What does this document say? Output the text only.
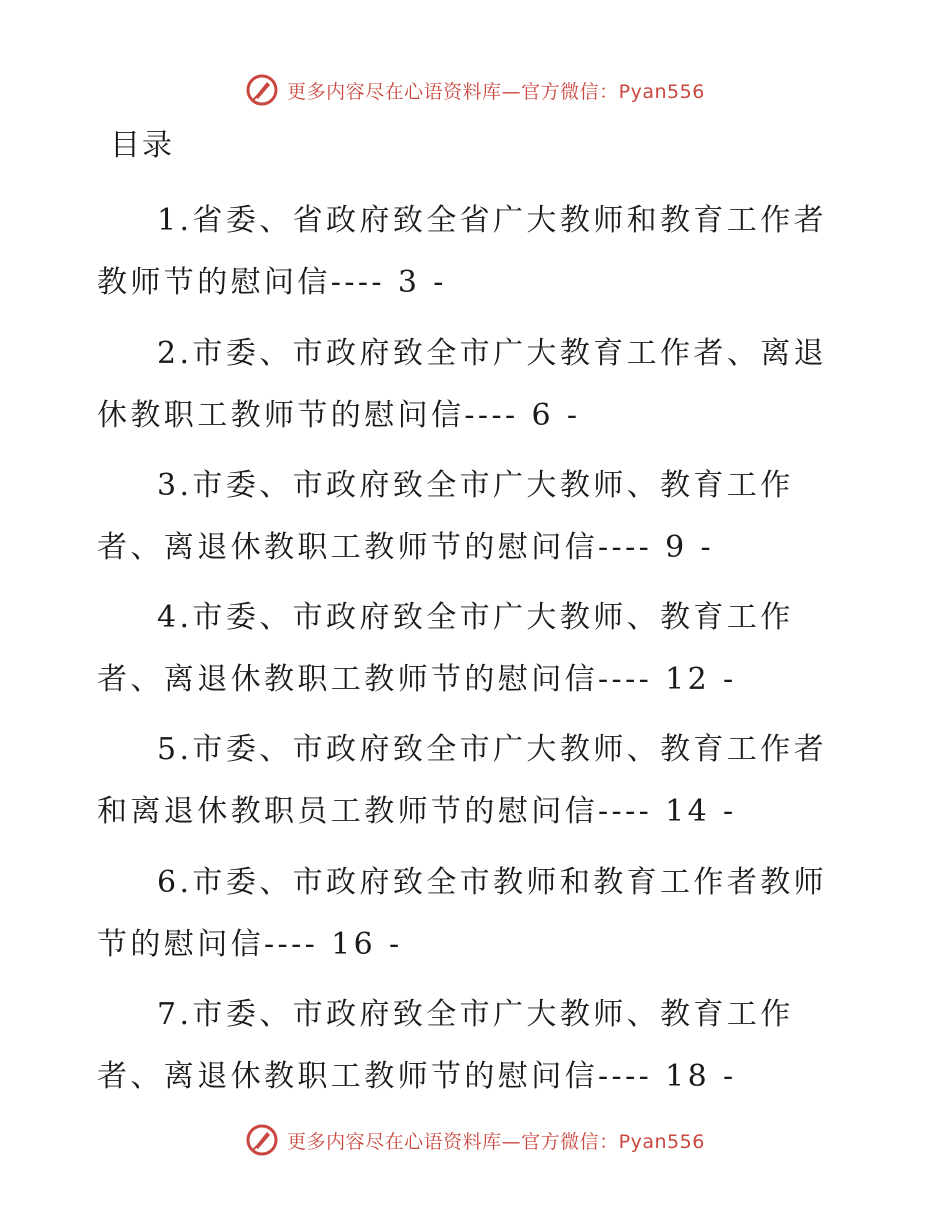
更多内容尽在心语资料库—官方微信：Pyan556
目录

1.省委、省政府致全省广大教师和教育工作者
教师节的慰问信---- 3 -

2.市委、市政府致全市广大教育工作者、离退
休教职工教师节的慰问信---- 6 -

3.市委、市政府致全市广大教师、教育工作
者、离退休教职工教师节的慰问信---- 9 -

4.市委、市政府致全市广大教师、教育工作
者、离退休教职工教师节的慰问信---- 12 -

5.市委、市政府致全市广大教师、教育工作者
和离退休教职员工教师节的慰问信---- 14 -

6.市委、市政府致全市教师和教育工作者教师
节的慰问信---- 16 -

7.市委、市政府致全市广大教师、教育工作
者、离退休教职工教师节的慰问信---- 18 -

更多内容尽在心语资料库—官方微信：Pyan556
